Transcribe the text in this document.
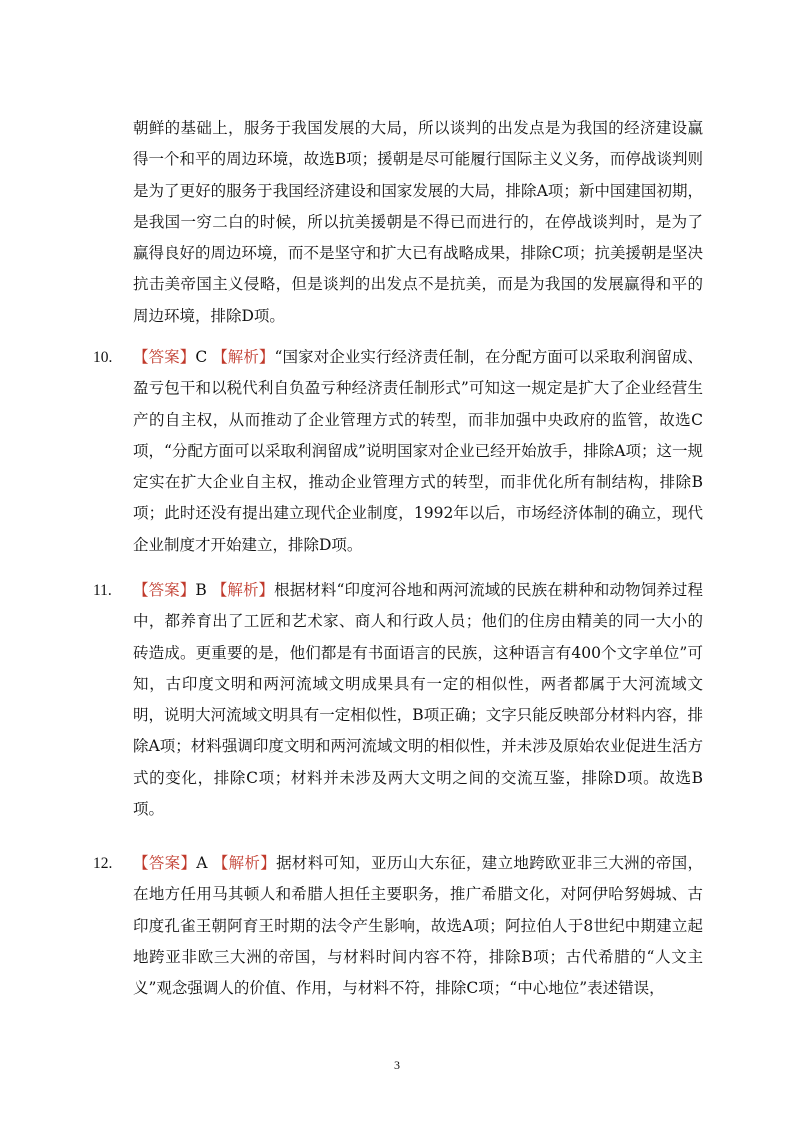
朝鲜的基础上，服务于我国发展的大局，所以谈判的出发点是为我国的经济建设赢得一个和平的周边环境，故选B项；援朝是尽可能履行国际主义义务，而停战谈判则是为了更好的服务于我国经济建设和国家发展的大局，排除A项；新中国建国初期，是我国一穷二白的时候，所以抗美援朝是不得已而进行的，在停战谈判时，是为了赢得良好的周边环境，而不是坚守和扩大已有战略成果，排除C项；抗美援朝是坚决抗击美帝国主义侵略，但是谈判的出发点不是抗美，而是为我国的发展赢得和平的周边环境，排除D项。
10.	【答案】C 【解析】“国家对企业实行经济责任制，在分配方面可以采取利润留成、盈亏包干和以税代利自负盈亏种经济责任制形式”可知这一规定是扩大了企业经营生产的自主权，从而推动了企业管理方式的转型，而非加强中央政府的监管，故选C项，“分配方面可以采取利润留成”说明国家对企业已经开始放手，排除A项；这一规定实在扩大企业自主权，推动企业管理方式的转型，而非优化所有制结构，排除B项；此时还没有提出建立现代企业制度，1992年以后，市场经济体制的确立，现代企业制度才开始建立，排除D项。
11.	【答案】B 【解析】根据材料“印度河谷地和两河流域的民族在耕种和动物饲养过程中，都养育出了工匠和艺术家、商人和行政人员；他们的住房由精美的同一大小的砖造成。更重要的是，他们都是有书面语言的民族，这种语言有400个文字单位”可知，古印度文明和两河流域文明成果具有一定的相似性，两者都属于大河流域文明，说明大河流域文明具有一定相似性，B项正确；文字只能反映部分材料内容，排除A项；材料强调印度文明和两河流域文明的相似性，并未涉及原始农业促进生活方式的变化，排除C项；材料并未涉及两大文明之间的交流互鉴，排除D项。故选B项。
12.	【答案】A 【解析】据材料可知，亚历山大东征，建立地跨欧亚非三大洲的帝国，在地方任用马其顿人和希腊人担任主要职务，推广希腊文化，对阿伊哈努姆城、古印度孔雀王朝阿育王时期的法令产生影响，故选A项；阿拉伯人于8世纪中期建立起地跨亚非欧三大洲的帝国，与材料时间内容不符，排除B项；古代希腊的“人文主义”观念强调人的价值、作用，与材料不符，排除C项；“中心地位”表述错误，
3
